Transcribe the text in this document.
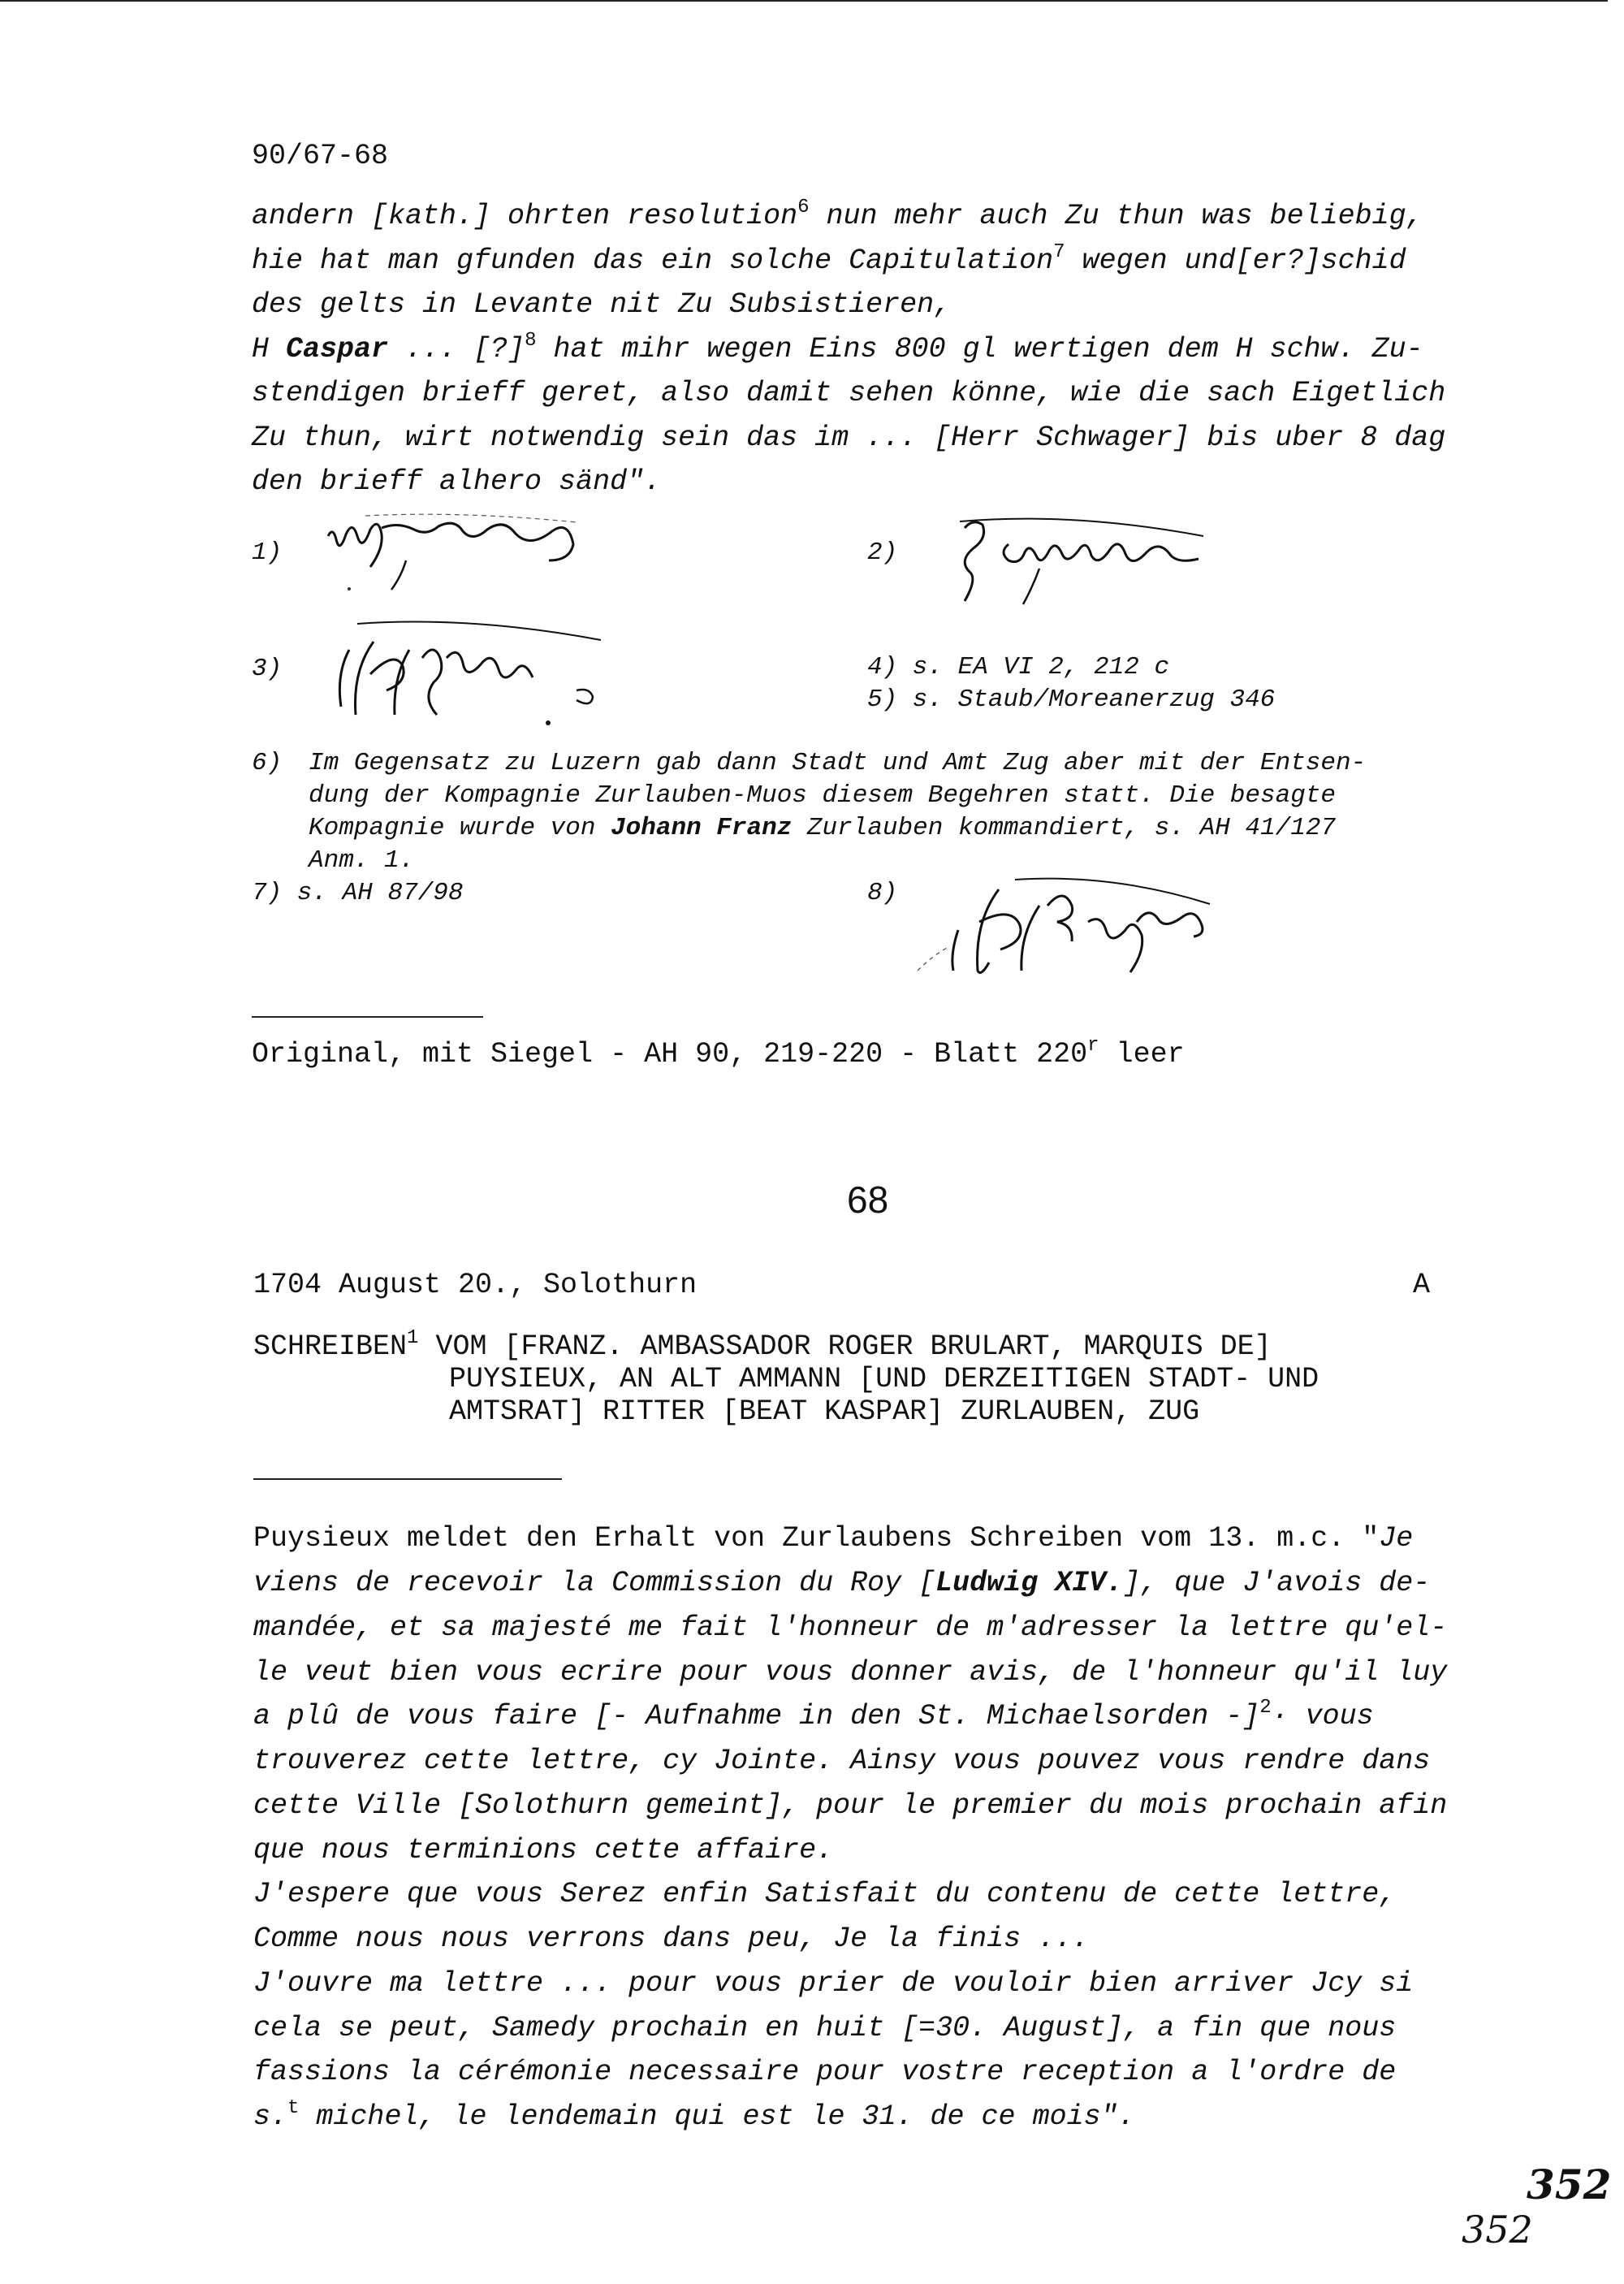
90/67-68
andern [kath.] ohrten resolution$^6$ nun mehr auch Zu thun was beliebig,
hie hat man gfunden das ein solche Capitulation$^7$ wegen und[er?]schid
des gelts in Levante nit Zu Subsistieren,
H Caspar ... [?]$^8$ hat mihr wegen Eins 800 gl wertigen dem H schw. Zu-
stendigen brieff geret, also damit sehen könne, wie die sach Eigetlich
Zu thun, wirt notwendig sein das im ... [Herr Schwager] bis uber 8 dag
den brieff alhero sänd".
1)	2)
3)	4) s. EA VI 2, 212 c
5) s. Staub/Moreanerzug 346
6) Im Gegensatz zu Luzern gab dann Stadt und Amt Zug aber mit der Entsen-
dung der Kompagnie Zurlauben-Muos diesem Begehren statt. Die besagte
Kompagnie wurde von Johann Franz Zurlauben kommandiert, s. AH 41/127
Anm. 1.
7) s. AH 87/98	8)
Original, mit Siegel - AH 90, 219-220 - Blatt 220$^r$ leer
68
1704 August 20., Solothurn	A
SCHREIBEN$^1$ VOM [FRANZ. AMBASSADOR ROGER BRULART, MARQUIS DE]
PUYSIEUX, AN ALT AMMANN [UND DERZEITIGEN STADT- UND
AMTSRAT] RITTER [BEAT KASPAR] ZURLAUBEN, ZUG
Puysieux meldet den Erhalt von Zurlaubens Schreiben vom 13. m.c. "Je
viens de recevoir la Commission du Roy [Ludwig XIV.], que J'avois de-
mandée, et sa majesté me fait l'honneur de m'adresser la lettre qu'el-
le veut bien vous ecrire pour vous donner avis, de l'honneur qu'il luy
a plû de vous faire [- Aufnahme in den St. Michaelsorden -]$^2$· vous
trouverez cette lettre, cy Jointe. Ainsy vous pouvez vous rendre dans
cette Ville [Solothurn gemeint], pour le premier du mois prochain afin
que nous terminions cette affaire.
J'espere que vous Serez enfin Satisfait du contenu de cette lettre,
Comme nous nous verrons dans peu, Je la finis ...
J'ouvre ma lettre ... pour vous prier de vouloir bien arriver Jcy si
cela se peut, Samedy prochain en huit [=30. August], a fin que nous
fassions la cérémonie necessaire pour vostre reception a l'ordre de
s.$^t$ michel, le lendemain qui est le 31. de ce mois".
352
352
